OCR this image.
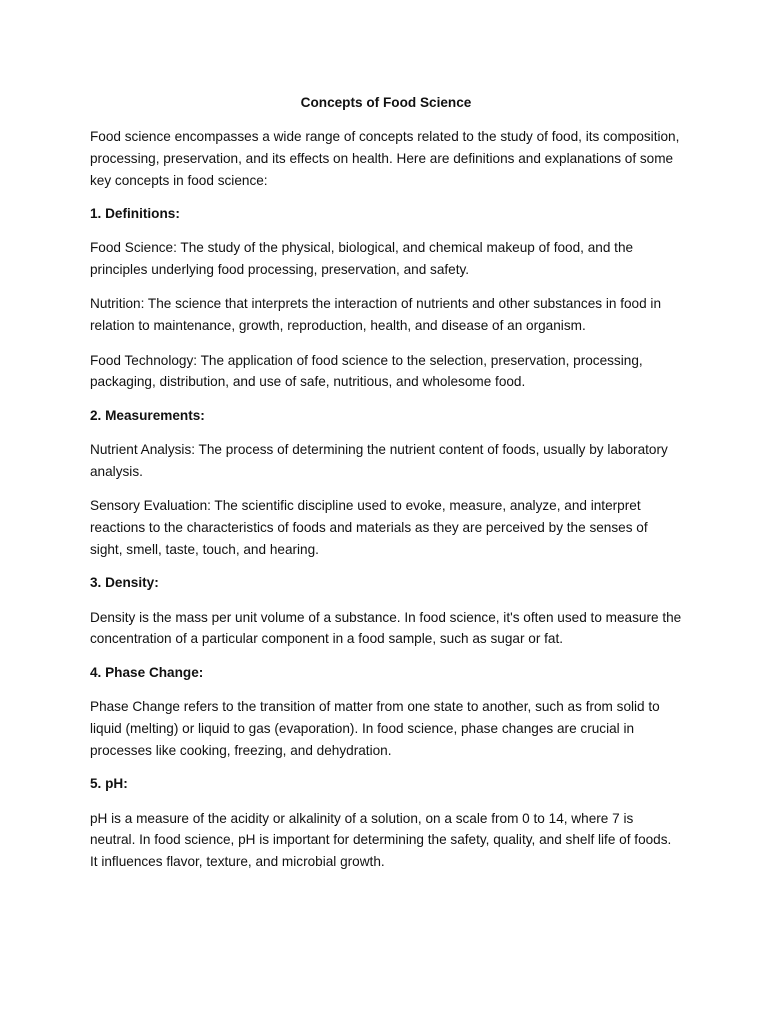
Concepts of Food Science

Food science encompasses a wide range of concepts related to the study of food, its composition, processing, preservation, and its effects on health. Here are definitions and explanations of some key concepts in food science:

1. Definitions:

Food Science: The study of the physical, biological, and chemical makeup of food, and the principles underlying food processing, preservation, and safety.

Nutrition: The science that interprets the interaction of nutrients and other substances in food in relation to maintenance, growth, reproduction, health, and disease of an organism.

Food Technology: The application of food science to the selection, preservation, processing, packaging, distribution, and use of safe, nutritious, and wholesome food.

2. Measurements:

Nutrient Analysis: The process of determining the nutrient content of foods, usually by laboratory analysis.

Sensory Evaluation: The scientific discipline used to evoke, measure, analyze, and interpret reactions to the characteristics of foods and materials as they are perceived by the senses of sight, smell, taste, touch, and hearing.

3. Density:

Density is the mass per unit volume of a substance. In food science, it's often used to measure the concentration of a particular component in a food sample, such as sugar or fat.

4. Phase Change:

Phase Change refers to the transition of matter from one state to another, such as from solid to liquid (melting) or liquid to gas (evaporation). In food science, phase changes are crucial in processes like cooking, freezing, and dehydration.

5. pH:

pH is a measure of the acidity or alkalinity of a solution, on a scale from 0 to 14, where 7 is neutral. In food science, pH is important for determining the safety, quality, and shelf life of foods. It influences flavor, texture, and microbial growth.
